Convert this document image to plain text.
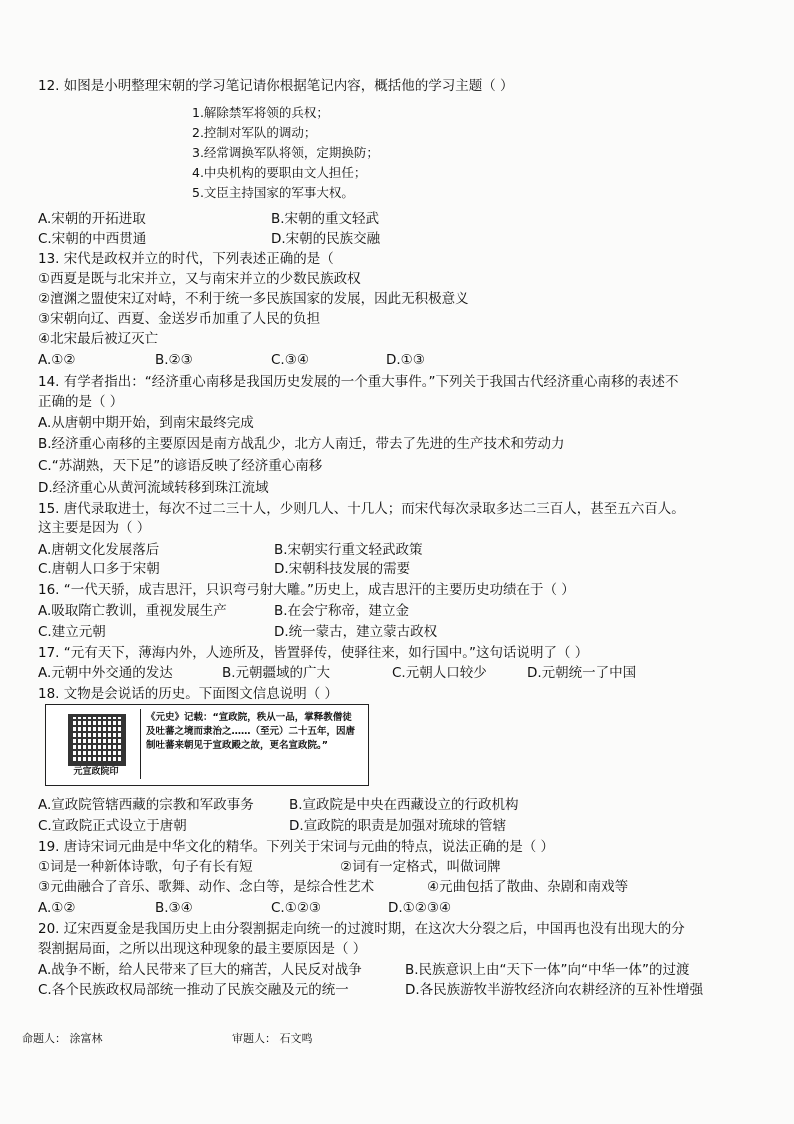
12. 如图是小明整理宋朝的学习笔记请你根据笔记内容，概括他的学习主题（ ）
1.解除禁军将领的兵权；
2.控制对军队的调动；
3.经常调换军队将领，定期换防；
4.中央机构的要职由文人担任；
5.文臣主持国家的军事大权。
A.宋朝的开拓进取	B.宋朝的重文轻武
C.宋朝的中西贯通	D.宋朝的民族交融
13. 宋代是政权并立的时代，下列表述正确的是（
①西夏是既与北宋并立，又与南宋并立的少数民族政权
②澶渊之盟使宋辽对峙，不利于统一多民族国家的发展，因此无积极意义
③宋朝向辽、西夏、金送岁币加重了人民的负担
④北宋最后被辽灭亡
A.①②	B.②③	C.③④	D.①③
14. 有学者指出：“经济重心南移是我国历史发展的一个重大事件。”下列关于我国古代经济重心南移的表述不
正确的是（ ）
A.从唐朝中期开始，到南宋最终完成
B.经济重心南移的主要原因是南方战乱少，北方人南迁，带去了先进的生产技术和劳动力
C.“苏湖熟，天下足”的谚语反映了经济重心南移
D.经济重心从黄河流域转移到珠江流域
15. 唐代录取进士，每次不过二三十人，少则几人、十几人；而宋代每次录取多达二三百人，甚至五六百人。
这主要是因为（ ）
A.唐朝文化发展落后	B.宋朝实行重文轻武政策
C.唐朝人口多于宋朝	D.宋朝科技发展的需要
16. “一代天骄，成吉思汗，只识弯弓射大雕。”历史上，成吉思汗的主要历史功绩在于（ ）
A.吸取隋亡教训，重视发展生产	B.在会宁称帝，建立金
C.建立元朝	D.统一蒙古，建立蒙古政权
17. “元有天下，薄海内外，人迹所及，皆置驿传，使驿往来，如行国中。”这句话说明了（ ）
A.元朝中外交通的发达	B.元朝疆域的广大	C.元朝人口较少	D.元朝统一了中国
18. 文物是会说话的历史。下面图文信息说明（ ）
元宣政院印
《元史》记载：“宣政院，秩从一品，掌释教僧徒及吐蕃之境而隶治之……（至元）二十五年，因唐制吐蕃来朝见于宣政殿之故，更名宣政院。”
A.宣政院管辖西藏的宗教和军政事务	B.宣政院是中央在西藏设立的行政机构
C.宣政院正式设立于唐朝	D.宣政院的职责是加强对琉球的管辖
19. 唐诗宋词元曲是中华文化的精华。下列关于宋词与元曲的特点，说法正确的是（ ）
①词是一种新体诗歌，句子有长有短	②词有一定格式，叫做词牌
③元曲融合了音乐、歌舞、动作、念白等，是综合性艺术	④元曲包括了散曲、杂剧和南戏等
A.①②	B.③④	C.①②③	D.①②③④
20. 辽宋西夏金是我国历史上由分裂割据走向统一的过渡时期，在这次大分裂之后，中国再也没有出现大的分
裂割据局面，之所以出现这种现象的最主要原因是（ ）
A.战争不断，给人民带来了巨大的痛苦，人民反对战争	B.民族意识上由“天下一体”向“中华一体”的过渡
C.各个民族政权局部统一推动了民族交融及元的统一	D.各民族游牧半游牧经济向农耕经济的互补性增强
命题人： 涂富林	审题人： 石文鸣
